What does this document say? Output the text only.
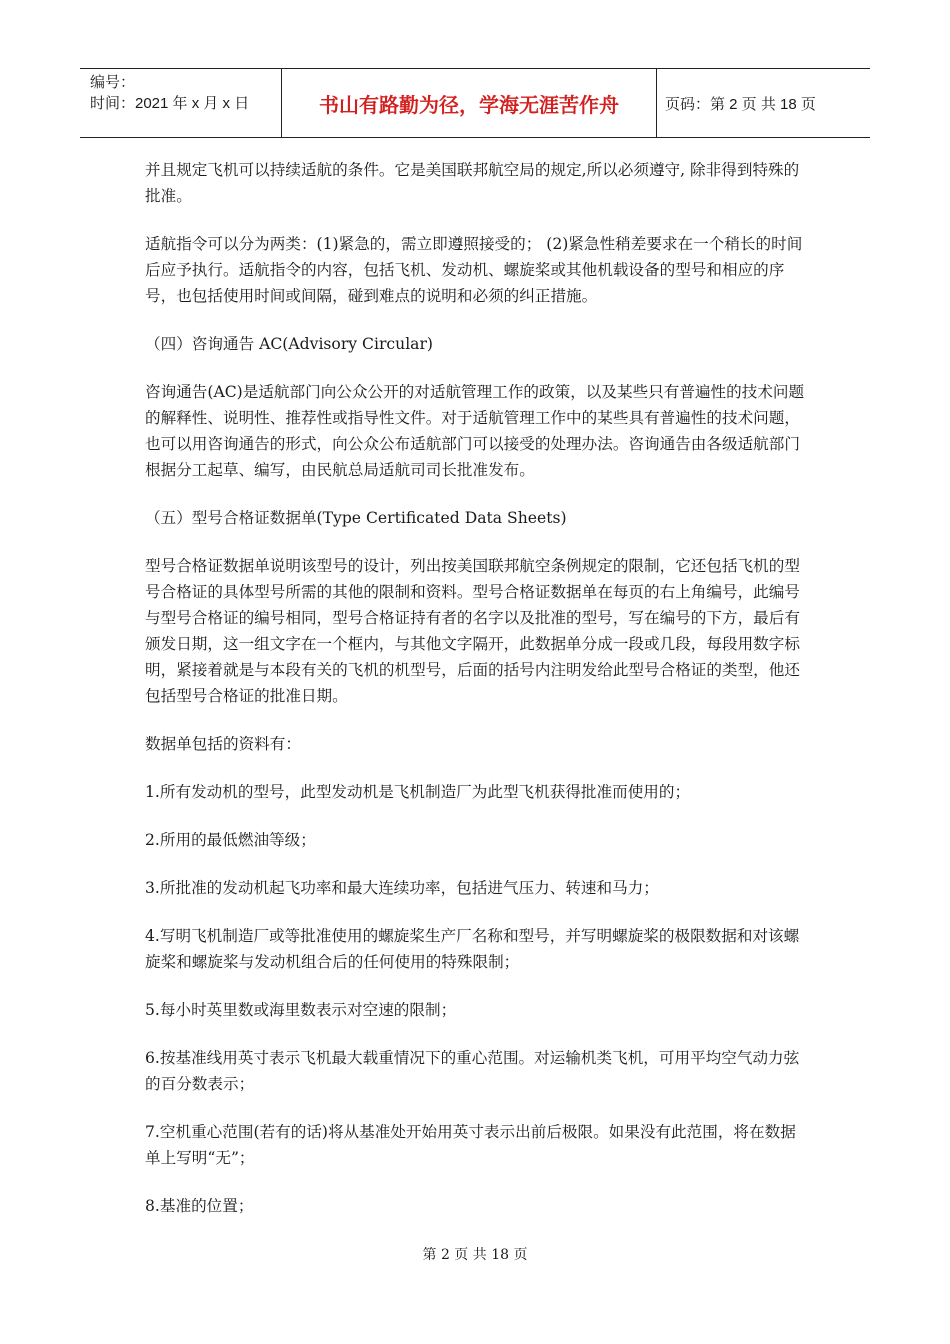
编号：
时间：2021 年 x 月 x 日	书山有路勤为径，学海无涯苦作舟	页码：第 2 页 共 18 页

并且规定飞机可以持续适航的条件。它是美国联邦航空局的规定,所以必须遵守, 除非得到特殊的批准。

适航指令可以分为两类：(1)紧急的，需立即遵照接受的； (2)紧急性稍差要求在一个稍长的时间后应予执行。适航指令的内容，包括飞机、发动机、螺旋桨或其他机载设备的型号和相应的序号，也包括使用时间或间隔，碰到难点的说明和必须的纠正措施。

（四）咨询通告 AC(Advisory Circular)

咨询通告(AC)是适航部门向公众公开的对适航管理工作的政策，以及某些只有普遍性的技术问题的解释性、说明性、推荐性或指导性文件。对于适航管理工作中的某些具有普遍性的技术问题，也可以用咨询通告的形式，向公众公布适航部门可以接受的处理办法。咨询通告由各级适航部门根据分工起草、编写，由民航总局适航司司长批准发布。

（五）型号合格证数据单(Type Certificated Data Sheets)

型号合格证数据单说明该型号的设计，列出按美国联邦航空条例规定的限制，它还包括飞机的型号合格证的具体型号所需的其他的限制和资料。型号合格证数据单在每页的右上角编号，此编号与型号合格证的编号相同，型号合格证持有者的名字以及批准的型号，写在编号的下方，最后有颁发日期，这一组文字在一个框内，与其他文字隔开，此数据单分成一段或几段，每段用数字标明，紧接着就是与本段有关的飞机的机型号，后面的括号内注明发给此型号合格证的类型，他还包括型号合格证的批准日期。

数据单包括的资料有：

1.所有发动机的型号，此型发动机是飞机制造厂为此型飞机获得批准而使用的；

2.所用的最低燃油等级；

3.所批准的发动机起飞功率和最大连续功率，包括进气压力、转速和马力；

4.写明飞机制造厂或等批准使用的螺旋桨生产厂名称和型号，并写明螺旋桨的极限数据和对该螺旋桨和螺旋桨与发动机组合后的任何使用的特殊限制；

5.每小时英里数或海里数表示对空速的限制；

6.按基准线用英寸表示飞机最大载重情况下的重心范围。对运输机类飞机，可用平均空气动力弦的百分数表示；

7.空机重心范围(若有的话)将从基准处开始用英寸表示出前后极限。如果没有此范围，将在数据单上写明“无”；

8.基准的位置；

第 2 页 共 18 页
